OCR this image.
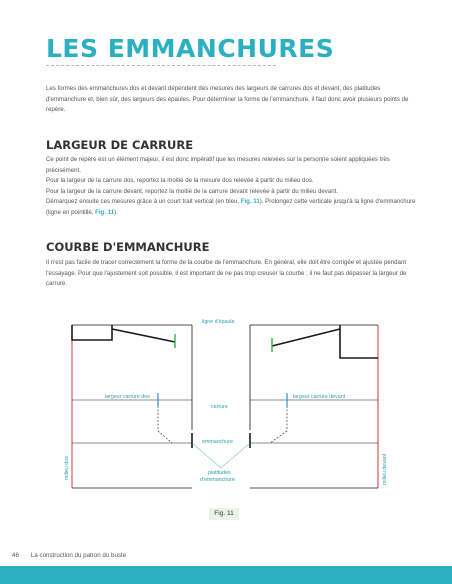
LES EMMANCHURES

Les formes des emmanchures dos et devant dépendent des mesures des largeurs de carrures dos et devant, des platitudes d'emmanchure et, bien sûr, des largeurs des épaules. Pour déterminer la forme de l'emmanchure, il faut donc avoir plusieurs points de repère.

LARGEUR DE CARRURE

Ce point de repère est un élément majeur, il est donc impératif que les mesures relevées sur la personne soient appliquées très précisément.

Pour la largeur de la carrure dos, reportez la moitié de la mesure dos relevée à partir du milieu dos.

Pour la largeur de la carrure devant, reportez la moitié de la carrure devant relevée à partir du milieu devant.

Démarquez ensuite ces mesures grâce à un court trait vertical (en bleu, Fig. 11). Prolongez cette verticale jusqu'à la ligne d'emmanchure (ligne en pointillé, Fig. 11).

COURBE D'EMMANCHURE

Il n'est pas facile de tracer correctement la forme de la courbe de l'emmanchure. En général, elle doit être corrigée et ajustée pendant l'essayage. Pour que l'ajustement soit possible, il est important de ne pas trop creuser la courbe ; il ne faut pas dépasser la largeur de carrure.

largeur carrure dos
milieu dos
largeur carrure devant
milieu devant
ligne d'épaule
carrure
emmanchure
platitudes
d'emmanchure
Fig. 11
46 La construction du patron du buste
